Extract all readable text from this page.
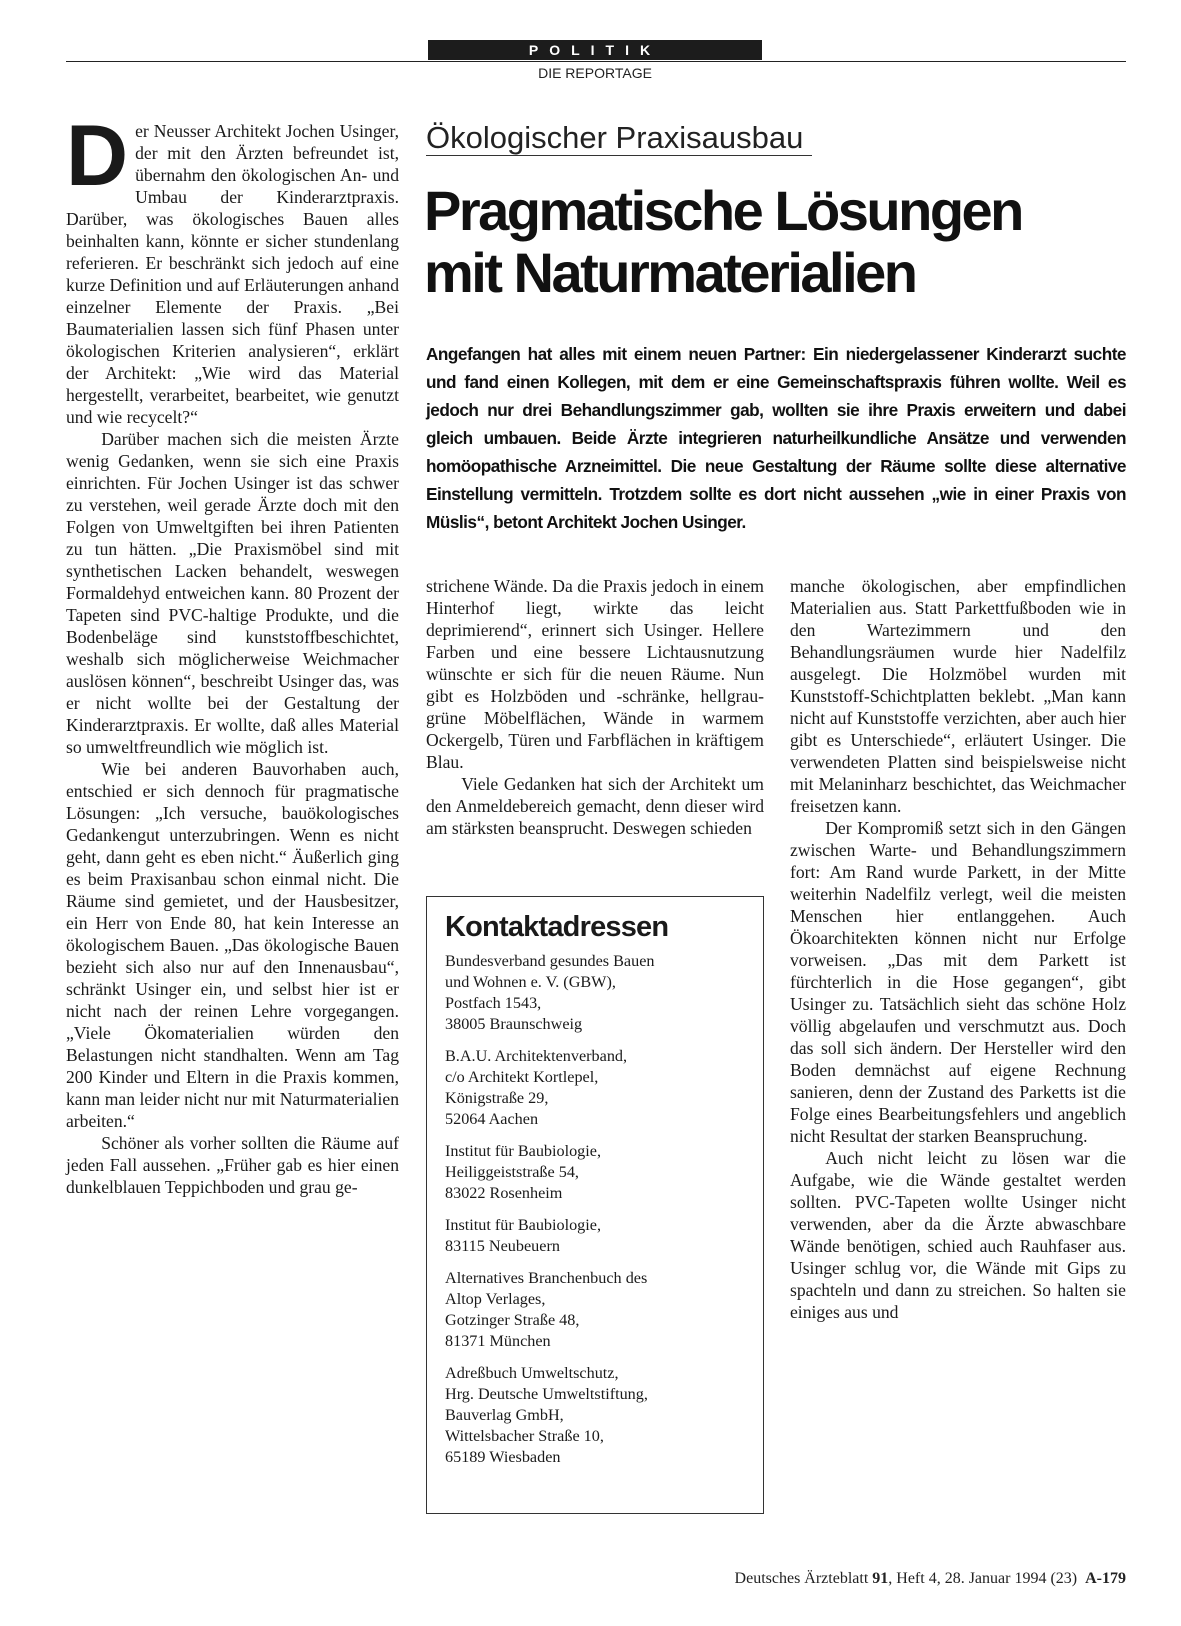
POLITIK
DIE REPORTAGE

Der Neusser Architekt Jochen Usinger, der mit den Ärzten befreundet ist, übernahm den ökologischen An- und Umbau der Kinderarztpraxis. Darüber, was ökologisches Bauen alles beinhalten kann, könnte er sicher stundenlang referieren. Er beschränkt sich jedoch auf eine kurze Definition und auf Erläuterungen anhand einzelner Elemente der Praxis. „Bei Baumaterialien lassen sich fünf Phasen unter ökologischen Kriterien analysieren“, erklärt der Architekt: „Wie wird das Material hergestellt, verarbeitet, bearbeitet, wie genutzt und wie recycelt?“

Darüber machen sich die meisten Ärzte wenig Gedanken, wenn sie sich eine Praxis einrichten. Für Jochen Usinger ist das schwer zu verstehen, weil gerade Ärzte doch mit den Folgen von Umweltgiften bei ihren Patienten zu tun hätten. „Die Praxismöbel sind mit synthetischen Lacken behandelt, weswegen Formaldehyd entweichen kann. 80 Prozent der Tapeten sind PVC-haltige Produkte, und die Bodenbeläge sind kunststoffbeschichtet, weshalb sich möglicherweise Weichmacher auslösen können“, beschreibt Usinger das, was er nicht wollte bei der Gestaltung der Kinderarztpraxis. Er wollte, daß alles Material so umweltfreundlich wie möglich ist.

Wie bei anderen Bauvorhaben auch, entschied er sich dennoch für pragmatische Lösungen: „Ich versuche, bauökologisches Gedankengut unterzubringen. Wenn es nicht geht, dann geht es eben nicht.“ Äußerlich ging es beim Praxisanbau schon einmal nicht. Die Räume sind gemietet, und der Hausbesitzer, ein Herr von Ende 80, hat kein Interesse an ökologischem Bauen. „Das ökologische Bauen bezieht sich also nur auf den Innenausbau“, schränkt Usinger ein, und selbst hier ist er nicht nach der reinen Lehre vorgegangen. „Viele Ökomaterialien würden den Belastungen nicht standhalten. Wenn am Tag 200 Kinder und Eltern in die Praxis kommen, kann man leider nicht nur mit Naturmaterialien arbeiten.“

Schöner als vorher sollten die Räume auf jeden Fall aussehen. „Früher gab es hier einen dunkelblauen Teppichboden und grau ge-

Ökologischer Praxisausbau
Pragmatische Lösungen
mit Naturmaterialien
Angefangen hat alles mit einem neuen Partner: Ein niedergelassener Kinderarzt suchte und fand einen Kollegen, mit dem er eine Gemeinschaftspraxis führen wollte. Weil es jedoch nur drei Behandlungszimmer gab, wollten sie ihre Praxis erweitern und dabei gleich umbauen. Beide Ärzte integrieren naturheilkundliche Ansätze und verwenden homöopathische Arzneimittel. Die neue Gestaltung der Räume sollte diese alternative Einstellung vermitteln. Trotzdem sollte es dort nicht aussehen „wie in einer Praxis von Müslis“, betont Architekt Jochen Usinger.

strichene Wände. Da die Praxis jedoch in einem Hinterhof liegt, wirkte das leicht deprimierend“, erinnert sich Usinger. Hellere Farben und eine bessere Lichtausnutzung wünschte er sich für die neuen Räume. Nun gibt es Holzböden und -schränke, hellgrau-grüne Möbelflächen, Wände in warmem Ockergelb, Türen und Farbflächen in kräftigem Blau.

Viele Gedanken hat sich der Architekt um den Anmeldebereich gemacht, denn dieser wird am stärksten beansprucht. Deswegen schieden

Kontaktadressen
Bundesverband gesundes Bauen
und Wohnen e. V. (GBW),
Postfach 1543,
38005 Braunschweig
B.A.U. Architektenverband,
c/o Architekt Kortlepel,
Königstraße 29,
52064 Aachen
Institut für Baubiologie,
Heiliggeiststraße 54,
83022 Rosenheim
Institut für Baubiologie,
83115 Neubeuern
Alternatives Branchenbuch des
Altop Verlages,
Gotzinger Straße 48,
81371 München
Adreßbuch Umweltschutz,
Hrg. Deutsche Umweltstiftung,
Bauverlag GmbH,
Wittelsbacher Straße 10,
65189 Wiesbaden

manche ökologischen, aber empfindlichen Materialien aus. Statt Parkettfußboden wie in den Wartezimmern und den Behandlungsräumen wurde hier Nadelfilz ausgelegt. Die Holzmöbel wurden mit Kunststoff-Schichtplatten beklebt. „Man kann nicht auf Kunststoffe verzichten, aber auch hier gibt es Unterschiede“, erläutert Usinger. Die verwendeten Platten sind beispielsweise nicht mit Melaninharz beschichtet, das Weichmacher freisetzen kann.

Der Kompromiß setzt sich in den Gängen zwischen Warte- und Behandlungszimmern fort: Am Rand wurde Parkett, in der Mitte weiterhin Nadelfilz verlegt, weil die meisten Menschen hier entlanggehen. Auch Ökoarchitekten können nicht nur Erfolge vorweisen. „Das mit dem Parkett ist fürchterlich in die Hose gegangen“, gibt Usinger zu. Tatsächlich sieht das schöne Holz völlig abgelaufen und verschmutzt aus. Doch das soll sich ändern. Der Hersteller wird den Boden demnächst auf eigene Rechnung sanieren, denn der Zustand des Parketts ist die Folge eines Bearbeitungsfehlers und angeblich nicht Resultat der starken Beanspruchung.

Auch nicht leicht zu lösen war die Aufgabe, wie die Wände gestaltet werden sollten. PVC-Tapeten wollte Usinger nicht verwenden, aber da die Ärzte abwaschbare Wände benötigen, schied auch Rauhfaser aus. Usinger schlug vor, die Wände mit Gips zu spachteln und dann zu streichen. So halten sie einiges aus und

Deutsches Ärzteblatt 91, Heft 4, 28. Januar 1994 (23) A-179
